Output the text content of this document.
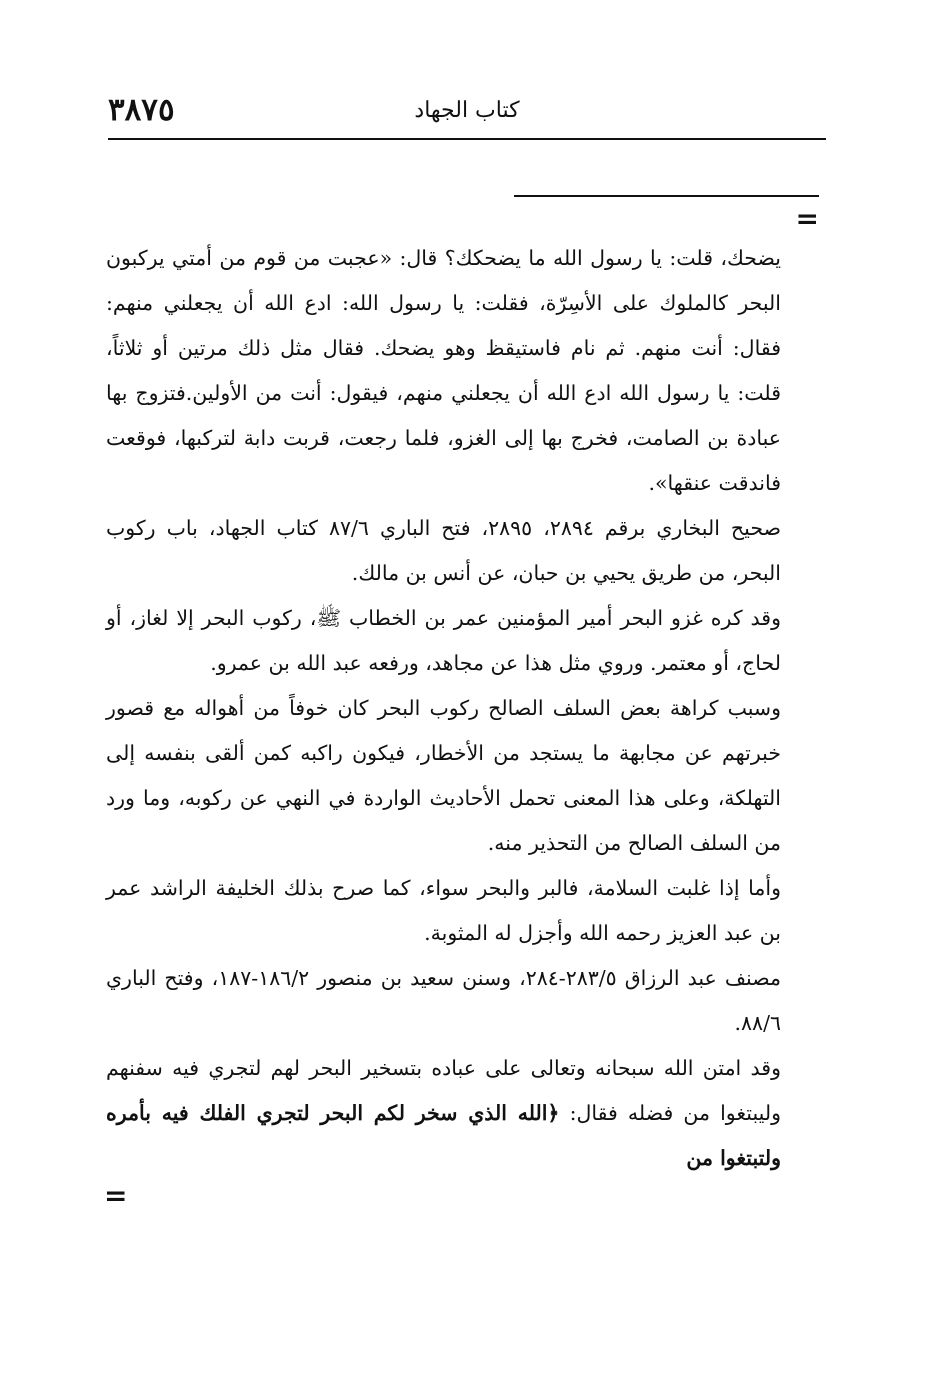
٣٨٧٥	كتاب الجهاد
=

يضحك، قلت: يا رسول الله ما يضحكك؟ قال: «عجبت من قوم من أمتي يركبون البحر كالملوك على الأسِرّة، فقلت: يا رسول الله: ادع الله أن يجعلني منهم: فقال: أنت منهم. ثم نام فاستيقظ وهو يضحك. فقال مثل ذلك مرتين أو ثلاثاً، قلت: يا رسول الله ادع الله أن يجعلني منهم، فيقول: أنت من الأولين.فتزوج بها عبادة بن الصامت، فخرج بها إلى الغزو، فلما رجعت، قربت دابة لتركبها، فوقعت فاندقت عنقها».

صحيح البخاري برقم ٢٨٩٤، ٢٨٩٥، فتح الباري ٨٧/٦ كتاب الجهاد، باب ركوب البحر، من طريق يحيي بن حبان، عن أنس بن مالك.

وقد كره غزو البحر أمير المؤمنين عمر بن الخطاب ﷺ، ركوب البحر إلا لغاز، أو لحاج، أو معتمر. وروي مثل هذا عن مجاهد، ورفعه عبد الله بن عمرو.

وسبب كراهة بعض السلف الصالح ركوب البحر كان خوفاً من أهواله مع قصور خبرتهم عن مجابهة ما يستجد من الأخطار، فيكون راكبه كمن ألقى بنفسه إلى التهلكة، وعلى هذا المعنى تحمل الأحاديث الواردة في النهي عن ركوبه، وما ورد من السلف الصالح من التحذير منه.

وأما إذا غلبت السلامة، فالبر والبحر سواء، كما صرح بذلك الخليفة الراشد عمر بن عبد العزيز رحمه الله وأجزل له المثوبة.

مصنف عبد الرزاق ٢٨٣/٥-٢٨٤، وسنن سعيد بن منصور ١٨٦/٢-١٨٧، وفتح الباري ٨٨/٦.

وقد امتن الله سبحانه وتعالى على عباده بتسخير البحر لهم لتجري فيه سفنهم وليبتغوا من فضله فقال: ﴿الله الذي سخر لكم البحر لتجري الفلك فيه بأمره ولتبتغوا من

=
